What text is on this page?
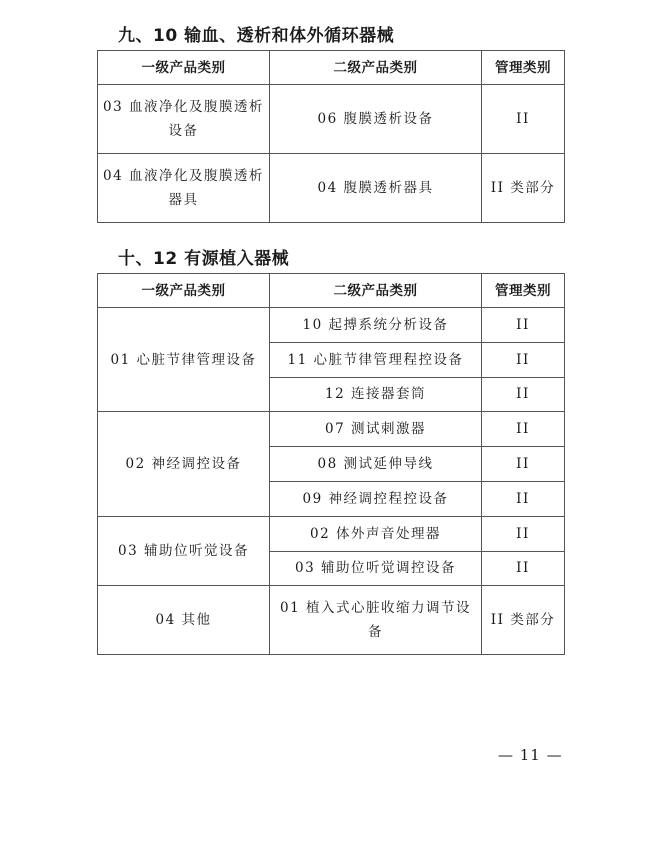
九、10 输血、透析和体外循环器械
一级产品类别	二级产品类别	管理类别
03 血液净化及腹膜透析设备	06 腹膜透析设备	II
04 血液净化及腹膜透析器具	04 腹膜透析器具	II 类部分
十、12 有源植入器械
一级产品类别	二级产品类别	管理类别
01 心脏节律管理设备	10 起搏系统分析设备	II
	11 心脏节律管理程控设备	II
	12 连接器套筒	II
02 神经调控设备	07 测试刺激器	II
	08 测试延伸导线	II
	09 神经调控程控设备	II
03 辅助位听觉设备	02 体外声音处理器	II
	03 辅助位听觉调控设备	II
04 其他	01 植入式心脏收缩力调节设备	II 类部分
— 11 —
